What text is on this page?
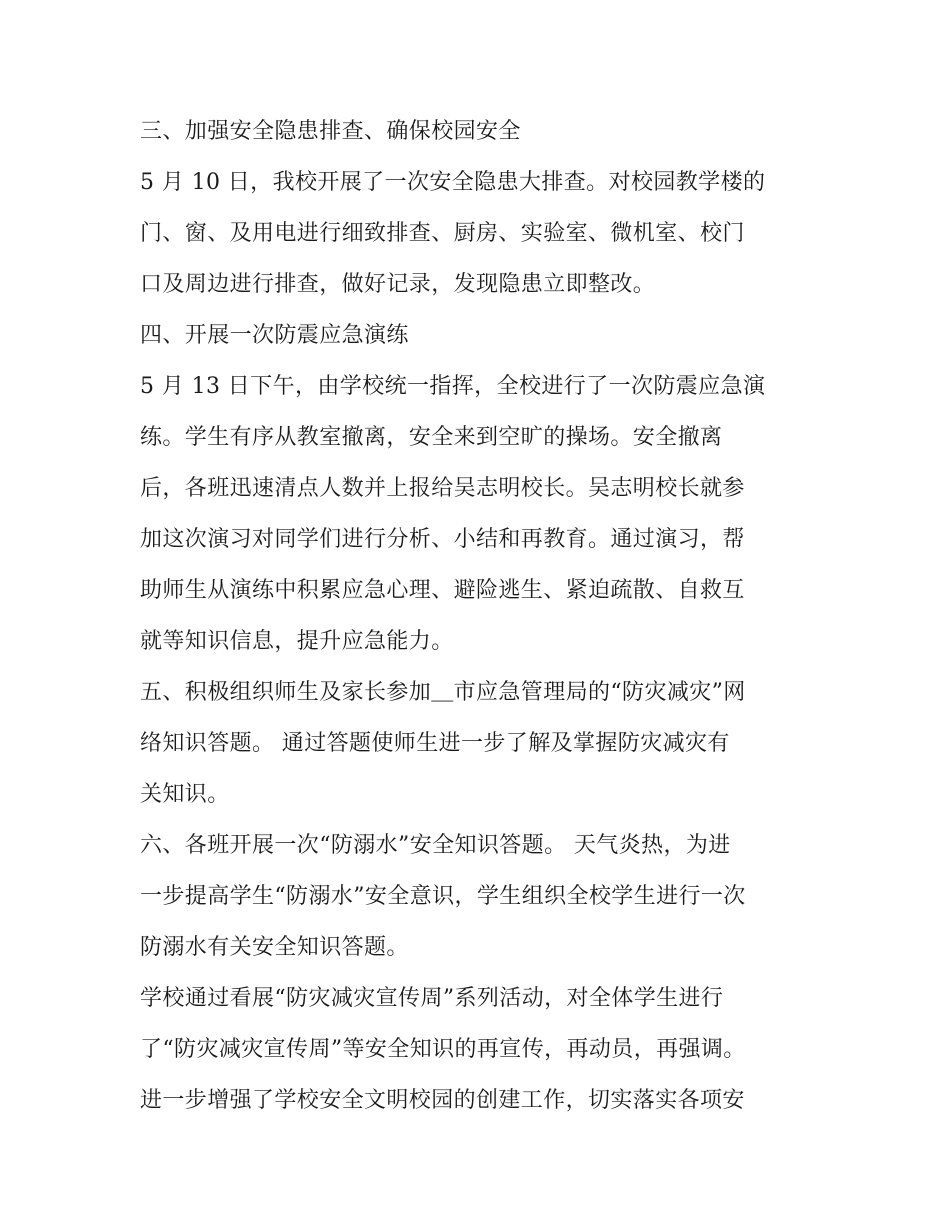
三、加强安全隐患排查、确保校园安全
5 月 10 日，我校开展了一次安全隐患大排查。对校园教学楼的
门、窗、及用电进行细致排查、厨房、实验室、微机室、校门
口及周边进行排查，做好记录，发现隐患立即整改。
四、开展一次防震应急演练
5 月 13 日下午，由学校统一指挥，全校进行了一次防震应急演
练。学生有序从教室撤离，安全来到空旷的操场。安全撤离
后，各班迅速清点人数并上报给吴志明校长。吴志明校长就参
加这次演习对同学们进行分析、小结和再教育。通过演习，帮
助师生从演练中积累应急心理、避险逃生、紧迫疏散、自救互
就等知识信息，提升应急能力。
五、积极组织师生及家长参加＿市应急管理局的“防灾减灾”网
络知识答题。 通过答题使师生进一步了解及掌握防灾减灾有
关知识。
六、各班开展一次“防溺水”安全知识答题。 天气炎热，为进
一步提高学生“防溺水”安全意识，学生组织全校学生进行一次
防溺水有关安全知识答题。
学校通过看展“防灾减灾宣传周”系列活动，对全体学生进行
了“防灾减灾宣传周”等安全知识的再宣传，再动员，再强调。
进一步增强了学校安全文明校园的创建工作，切实落实各项安
